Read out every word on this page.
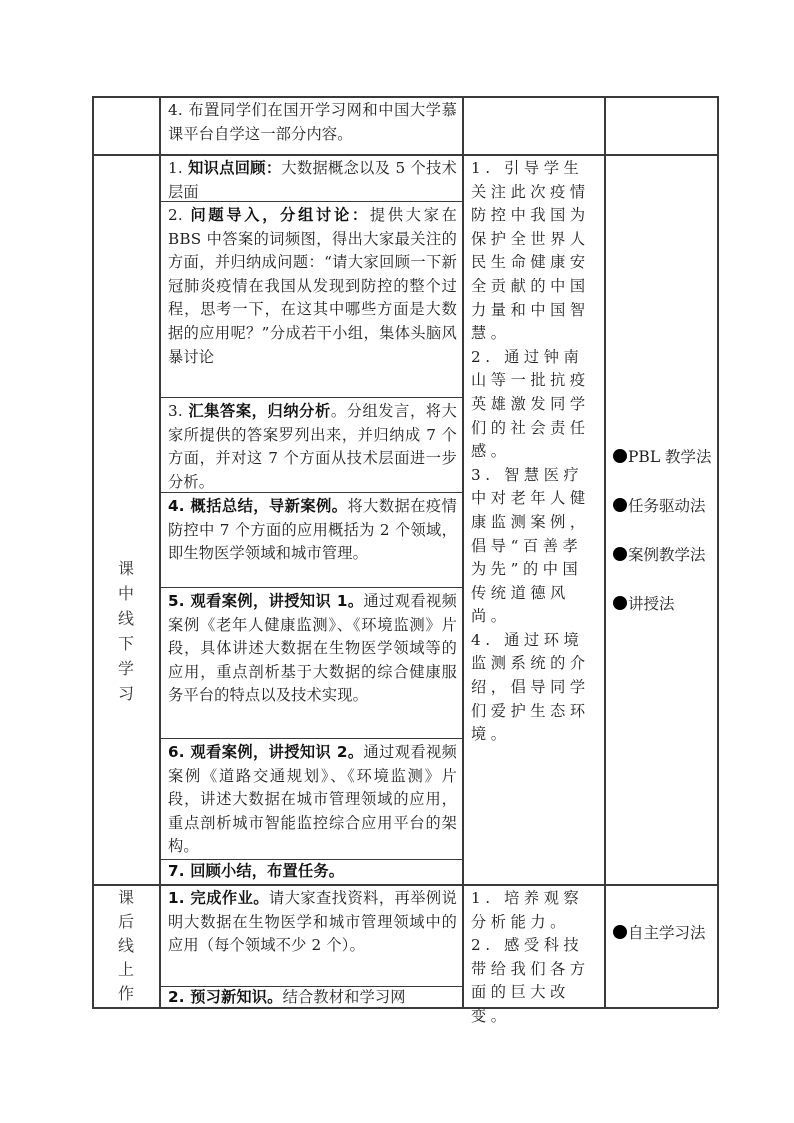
4. 布置同学们在国开学习网和中国大学慕课平台自学这一部分内容。
课
中
线
下
学
习
1. 知识点回顾：大数据概念以及 5 个技术层面
2. 问题导入，分组讨论：提供大家在 BBS 中答案的词频图，得出大家最关注的方面，并归纳成问题：“请大家回顾一下新冠肺炎疫情在我国从发现到防控的整个过程，思考一下，在这其中哪些方面是大数据的应用呢？”分成若干小组，集体头脑风暴讨论
3. 汇集答案，归纳分析。分组发言，将大家所提供的答案罗列出来，并归纳成 7 个方面，并对这 7 个方面从技术层面进一步分析。
4. 概括总结，导新案例。将大数据在疫情防控中 7 个方面的应用概括为 2 个领域，即生物医学领域和城市管理。
5. 观看案例，讲授知识 1。通过观看视频案例《老年人健康监测》、《环境监测》片段，具体讲述大数据在生物医学领域等的应用，重点剖析基于大数据的综合健康服务平台的特点以及技术实现。
6. 观看案例，讲授知识 2。通过观看视频案例《道路交通规划》、《环境监测》片段，讲述大数据在城市管理领域的应用，重点剖析城市智能监控综合应用平台的架构。
7. 回顾小结，布置任务。
1. 引导学生关注此次疫情防控中我国为保护全世界人民生命健康安全贡献的中国力量和中国智慧。
2. 通过钟南山等一批抗疫英雄激发同学们的社会责任感。
3. 智慧医疗中对老年人健康监测案例，倡导“百善孝为先”的中国传统道德风尚。
4. 通过环境监测系统的介绍，倡导同学们爱护生态环境。
PBL 教学法
任务驱动法
案例教学法
讲授法
课
后
线
上
作
1. 完成作业。请大家查找资料，再举例说明大数据在生物医学和城市管理领域中的应用（每个领域不少 2 个）。
2. 预习新知识。结合教材和学习网
1. 培养观察分析能力。
2. 感受科技带给我们各方面的巨大改变。
自主学习法
